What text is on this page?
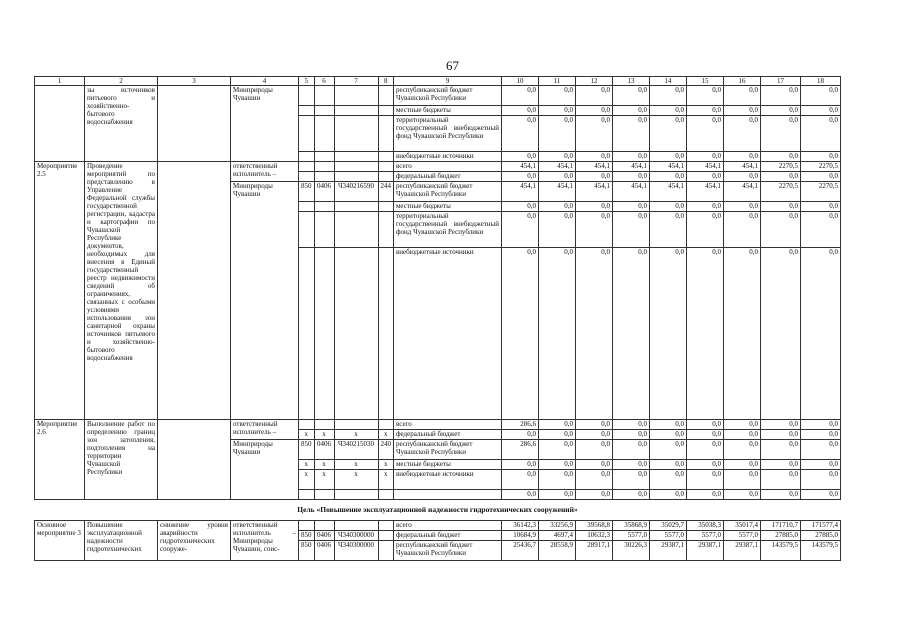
67
1	2	3	4	5	6	7	8	9	10	11	12	13	14	15	16	17	18
	зы источников питьевого и хозяйственно-бытового водоснабжения		Минприроды Чувашии					республиканский бюджет Чувашской Республики	0,0	0,0	0,0	0,0	0,0	0,0	0,0	0,0	0,0
								местные бюджеты	0,0	0,0	0,0	0,0	0,0	0,0	0,0	0,0	0,0
								территориальный государственный внебюджетный фонд Чувашской Республики	0,0	0,0	0,0	0,0	0,0	0,0	0,0	0,0	0,0
								внебюджетные источники	0,0	0,0	0,0	0,0	0,0	0,0	0,0	0,0	0,0
Мероприятие 2.5	Проведение мероприятий по представлению в Управление Федеральной службы государственной регистрации, кадастра и картографии по Чувашской Республике документов, необходимых для внесения в Единый государственный реестр недвижимости сведений об ограничениях, связанных с особыми условиями использования зон санитарной охраны источников питьевого и хозяйственно-бытового водоснабжения		ответственный исполнитель –					всего	454,1	454,1	454,1	454,1	454,1	454,1	454,1	2270,5	2270,5
								федеральный бюджет	0,0	0,0	0,0	0,0	0,0	0,0	0,0	0,0	0,0
			Минприроды Чувашии	850	0406	Ч340216590	244	республиканский бюджет Чувашской Республики	454,1	454,1	454,1	454,1	454,1	454,1	454,1	2270,5	2270,5
								местные бюджеты	0,0	0,0	0,0	0,0	0,0	0,0	0,0	0,0	0,0
								территориальный государственный внебюджетный фонд Чувашской Республики	0,0	0,0	0,0	0,0	0,0	0,0	0,0	0,0	0,0
								внебюджетные источники	0,0	0,0	0,0	0,0	0,0	0,0	0,0	0,0	0,0
Мероприятие 2.6	Выполнение работ по определению границ зон затопления, подтопления на территории Чувашской Республики		ответственный исполнитель –					всего	286,6	0,0	0,0	0,0	0,0	0,0	0,0	0,0	0,0
				x	x	x	x	федеральный бюджет	0,0	0,0	0,0	0,0	0,0	0,0	0,0	0,0	0,0
			Минприроды Чувашии	850	0406	Ч340215030	240	республиканский бюджет Чувашской Республики	286,6	0,0	0,0	0,0	0,0	0,0	0,0	0,0	0,0
				x	x	x	x	местные бюджеты	0,0	0,0	0,0	0,0	0,0	0,0	0,0	0,0	0,0
				x	x	x	x	внебюджетные источники	0,0	0,0	0,0	0,0	0,0	0,0	0,0	0,0	0,0
									0,0	0,0	0,0	0,0	0,0	0,0	0,0	0,0	0,0
Цель «Повышение эксплуатационной надежности гидротехнических сооружений»																	
Основное мероприятие 3	Повышение эксплуатационной надежности гидротехнических	снижение уровня аварийности гидротехнических сооруже-	ответственный исполнитель – Минприроды Чувашии, соис-					всего	36142,3	33256,9	39568,8	35868,9	35029,7	35038,3	35017,4	171710,7	171577,4
				850	0406	Ч340300000		федеральный бюджет	10684,9	4697,4	10632,3	5577,0	5577,0	5577,0	5577,0	27885,0	27885,0
				850	0406	Ч340300000		республиканский бюджет Чувашской Республики	25436,7	28558,9	28917,1	30226,3	29387,1	29387,1	29387,1	143579,5	143579,5
